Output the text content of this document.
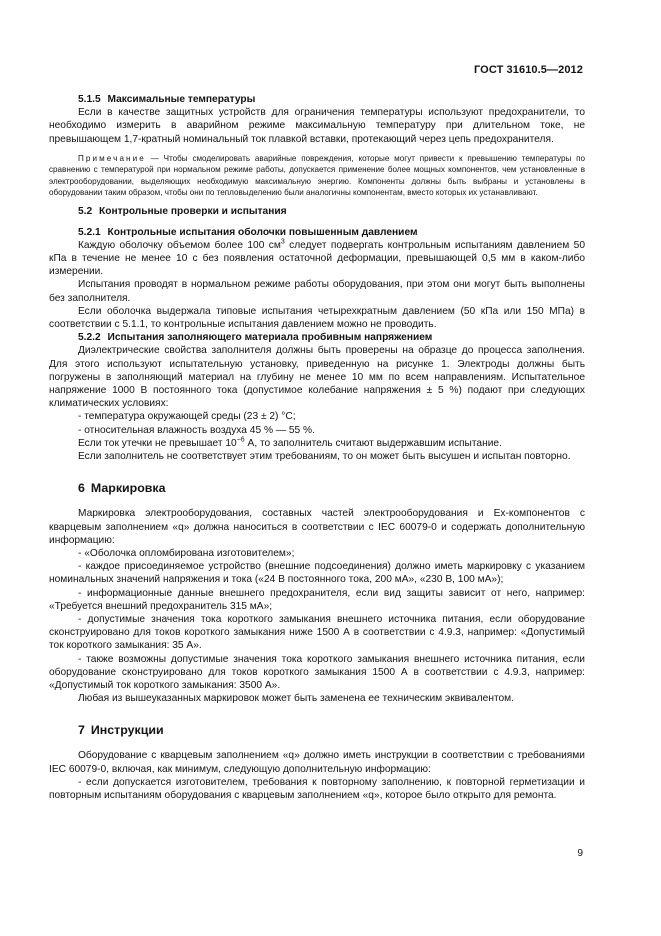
ГОСТ 31610.5—2012

5.1.5 Максимальные температуры

Если в качестве защитных устройств для ограничения температуры используют предохранители, то необходимо измерить в аварийном режиме максимальную температуру при длительном токе, не превышающем 1,7-кратный номинальный ток плавкой вставки, протекающий через цепь предохранителя.

Примечание — Чтобы смоделировать аварийные повреждения, которые могут привести к превышению температуры по сравнению с температурой при нормальном режиме работы, допускается применение более мощных компонентов, чем установленные в электрооборудовании, выделяющих необходимую максимальную энергию. Компоненты должны быть выбраны и установлены в оборудовании таким образом, чтобы они по тепловыделению были аналогичны компонентам, вместо которых их устанавливают.

5.2 Контрольные проверки и испытания

5.2.1 Контрольные испытания оболочки повышенным давлением

Каждую оболочку объемом более 100 $см^3$ следует подвергать контрольным испытаниям давлением 50 кПа в течение не менее 10 с без появления остаточной деформации, превышающей 0,5 мм в каком-либо измерении.

Испытания проводят в нормальном режиме работы оборудования, при этом они могут быть выполнены без заполнителя.

Если оболочка выдержала типовые испытания четырехкратным давлением (50 кПа или 150 МПа) в соответствии с 5.1.1, то контрольные испытания давлением можно не проводить.

5.2.2 Испытания заполняющего материала пробивным напряжением

Диэлектрические свойства заполнителя должны быть проверены на образце до процесса заполнения. Для этого используют испытательную установку, приведенную на рисунке 1. Электроды должны быть погружены в заполняющий материал на глубину не менее 10 мм по всем направлениям. Испытательное напряжение 1000 В постоянного тока (допустимое колебание напряжения ± 5 %) подают при следующих климатических условиях:

- температура окружающей среды (23 ± 2) °С;

- относительная влажность воздуха 45 % — 55 %.

Если ток утечки не превышает $10^{-6}$ А, то заполнитель считают выдержавшим испытание.

Если заполнитель не соответствует этим требованиям, то он может быть высушен и испытан повторно.

6 Маркировка

Маркировка электрооборудования, составных частей электрооборудования и Ex-компонентов с кварцевым заполнением «q» должна наноситься в соответствии с IEC 60079-0 и содержать дополнительную информацию:

- «Оболочка опломбирована изготовителем»;

- каждое присоединяемое устройство (внешние подсоединения) должно иметь маркировку с указанием номинальных значений напряжения и тока («24 В постоянного тока, 200 мА», «230 В, 100 мА»);

- информационные данные внешнего предохранителя, если вид защиты зависит от него, например: «Требуется внешний предохранитель 315 мА»;

- допустимые значения тока короткого замыкания внешнего источника питания, если оборудование сконструировано для токов короткого замыкания ниже 1500 А в соответствии с 4.9.3, например: «Допустимый ток короткого замыкания: 35 А».

- также возможны допустимые значения тока короткого замыкания внешнего источника питания, если оборудование сконструировано для токов короткого замыкания 1500 А в соответствии с 4.9.3, например: «Допустимый ток короткого замыкания: 3500 А».

Любая из вышеуказанных маркировок может быть заменена ее техническим эквивалентом.

7 Инструкции

Оборудование с кварцевым заполнением «q» должно иметь инструкции в соответствии с требованиями IEC 60079-0, включая, как минимум, следующую дополнительную информацию:

- если допускается изготовителем, требования к повторному заполнению, к повторной герметизации и повторным испытаниям оборудования с кварцевым заполнением «q», которое было открыто для ремонта.

9
